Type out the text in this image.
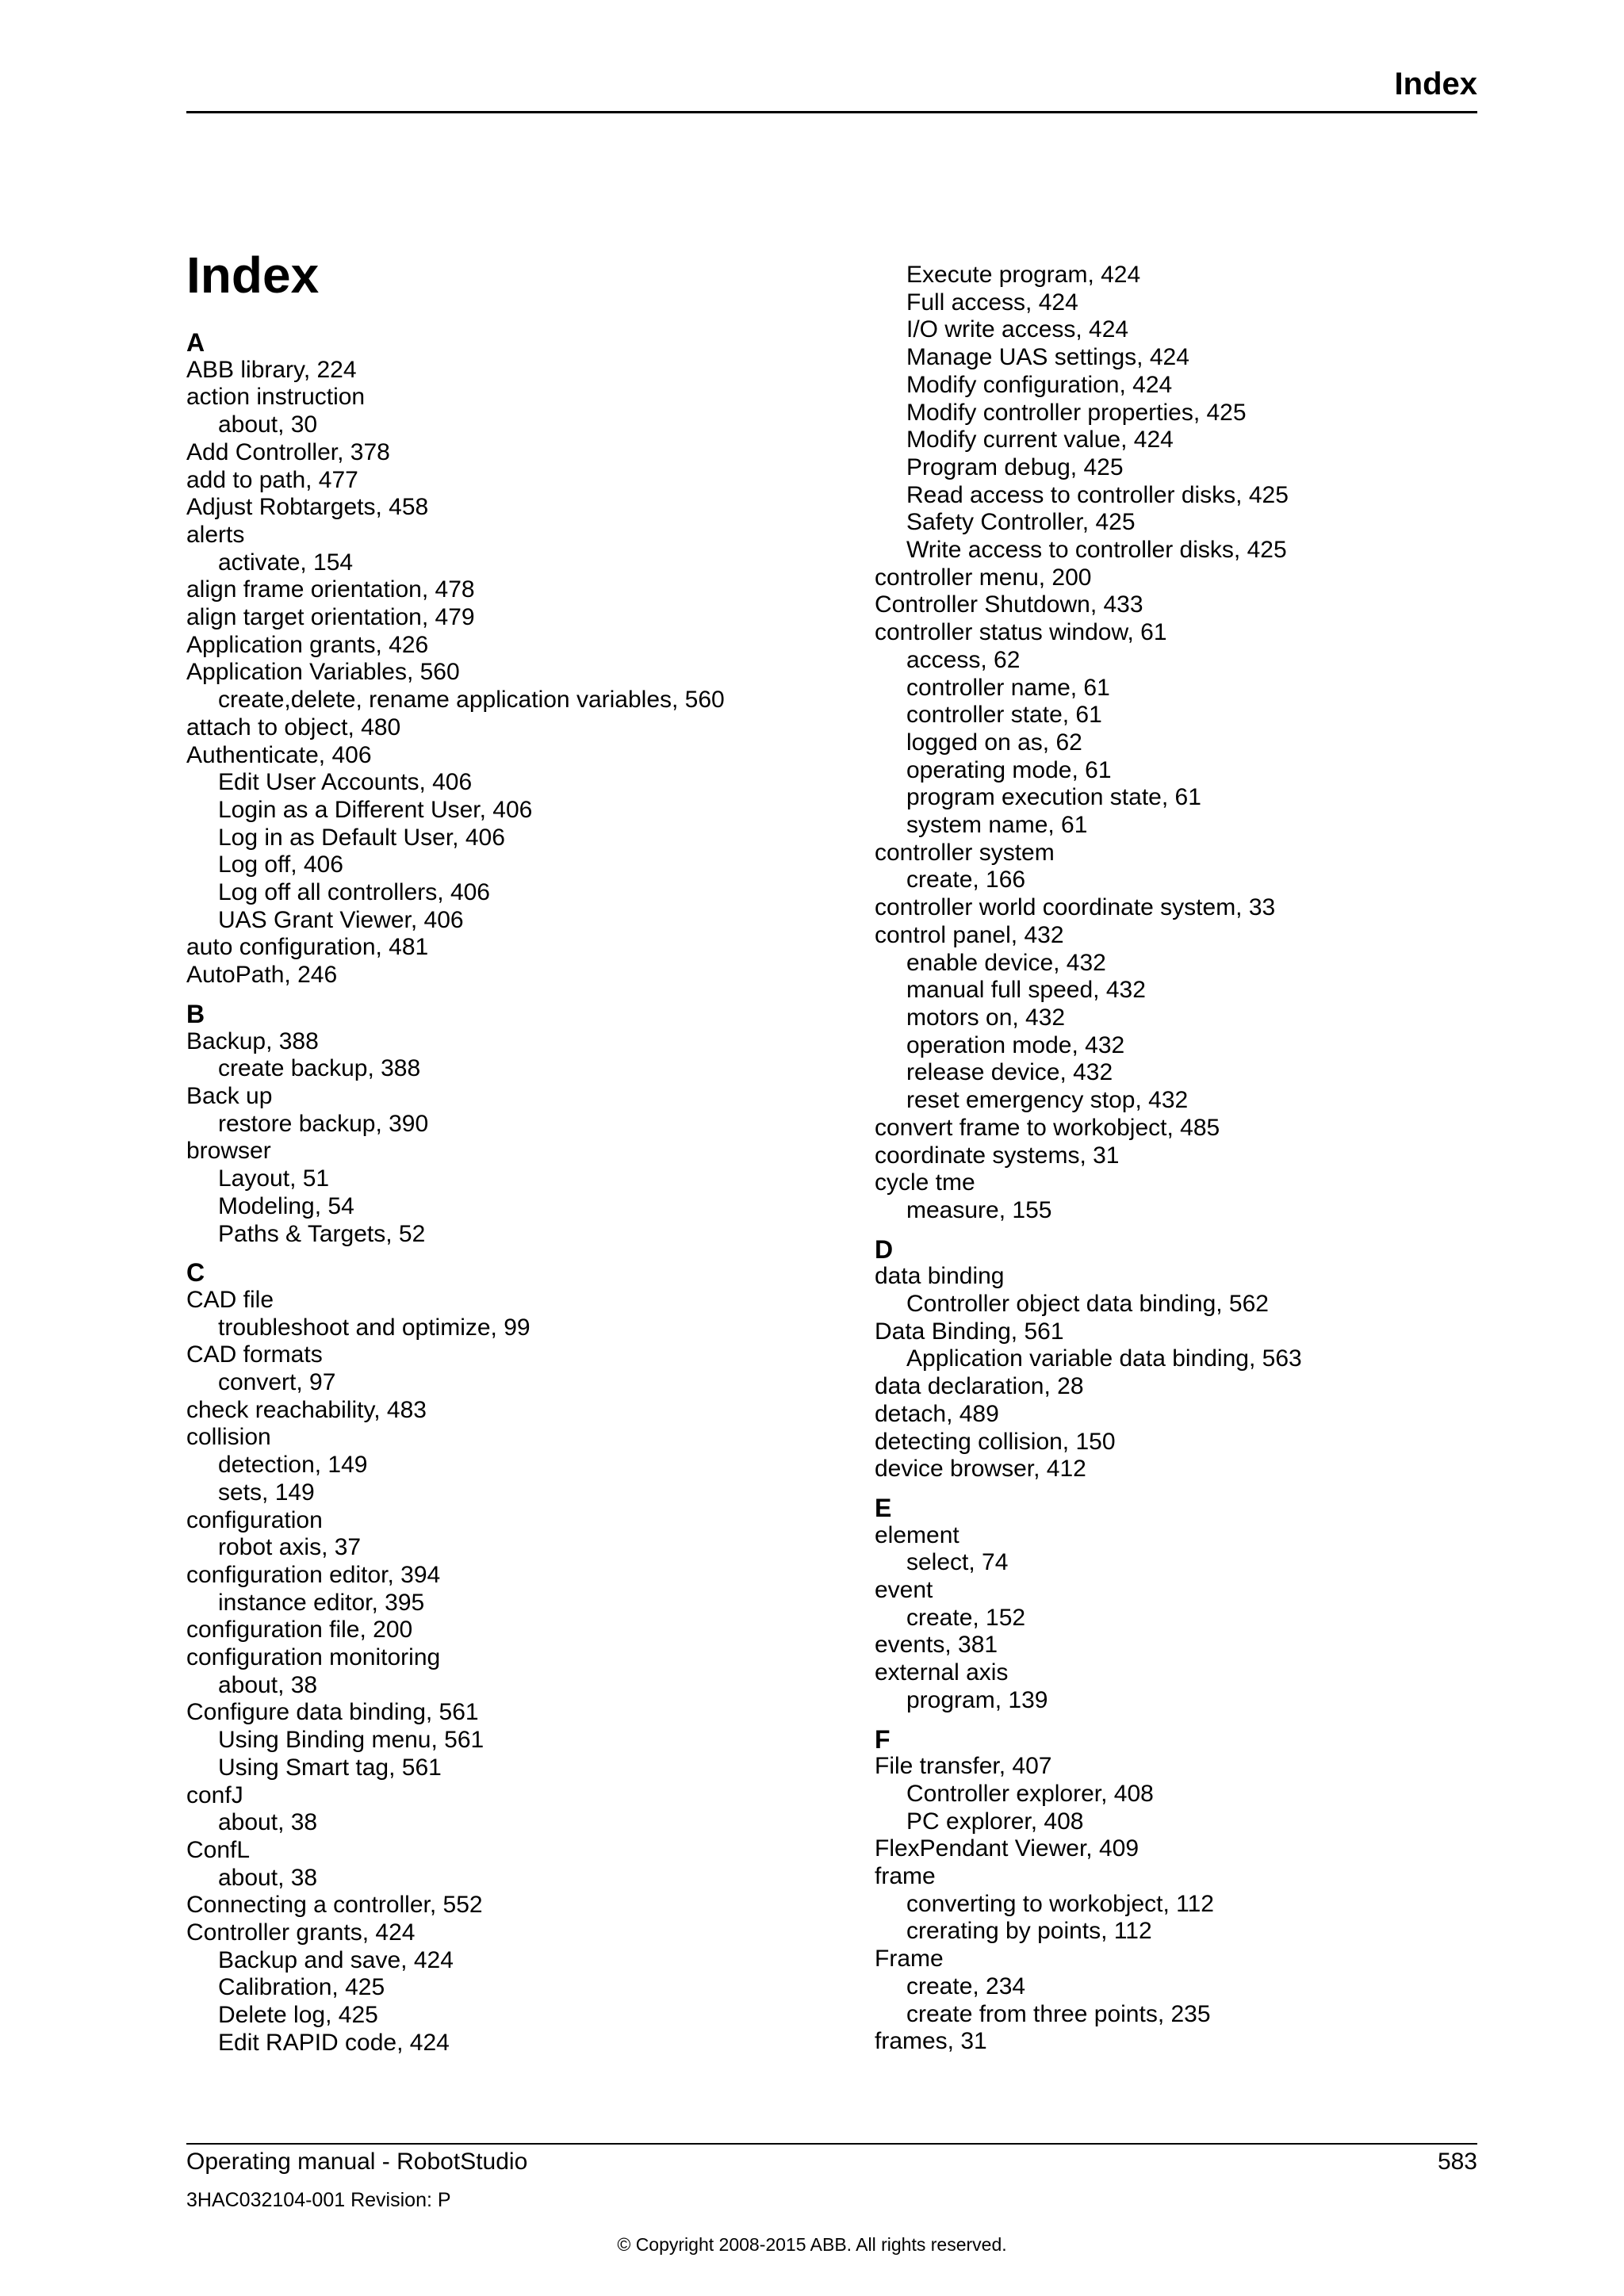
Index
Index
A
ABB library, 224
action instruction
about, 30
Add Controller, 378
add to path, 477
Adjust Robtargets, 458
alerts
activate, 154
align frame orientation, 478
align target orientation, 479
Application grants, 426
Application Variables, 560
create,delete, rename application variables, 560
attach to object, 480
Authenticate, 406
Edit User Accounts, 406
Login as a Different User, 406
Log in as Default User, 406
Log off, 406
Log off all controllers, 406
UAS Grant Viewer, 406
auto configuration, 481
AutoPath, 246
B
Backup, 388
create backup, 388
Back up
restore backup, 390
browser
Layout, 51
Modeling, 54
Paths & Targets, 52
C
CAD file
troubleshoot and optimize, 99
CAD formats
convert, 97
check reachability, 483
collision
detection, 149
sets, 149
configuration
robot axis, 37
configuration editor, 394
instance editor, 395
configuration file, 200
configuration monitoring
about, 38
Configure data binding, 561
Using Binding menu, 561
Using Smart tag, 561
confJ
about, 38
ConfL
about, 38
Connecting a controller, 552
Controller grants, 424
Backup and save, 424
Calibration, 425
Delete log, 425
Edit RAPID code, 424
Execute program, 424
Full access, 424
I/O write access, 424
Manage UAS settings, 424
Modify configuration, 424
Modify controller properties, 425
Modify current value, 424
Program debug, 425
Read access to controller disks, 425
Safety Controller, 425
Write access to controller disks, 425
controller menu, 200
Controller Shutdown, 433
controller status window, 61
access, 62
controller name, 61
controller state, 61
logged on as, 62
operating mode, 61
program execution state, 61
system name, 61
controller system
create, 166
controller world coordinate system, 33
control panel, 432
enable device, 432
manual full speed, 432
motors on, 432
operation mode, 432
release device, 432
reset emergency stop, 432
convert frame to workobject, 485
coordinate systems, 31
cycle tme
measure, 155
D
data binding
Controller object data binding, 562
Data Binding, 561
Application variable data binding, 563
data declaration, 28
detach, 489
detecting collision, 150
device browser, 412
E
element
select, 74
event
create, 152
events, 381
external axis
program, 139
F
File transfer, 407
Controller explorer, 408
PC explorer, 408
FlexPendant Viewer, 409
frame
converting to workobject, 112
crerating by points, 112
Frame
create, 234
create from three points, 235
frames, 31
Operating manual - RobotStudio	583
3HAC032104-001 Revision: P
© Copyright 2008-2015 ABB. All rights reserved.
